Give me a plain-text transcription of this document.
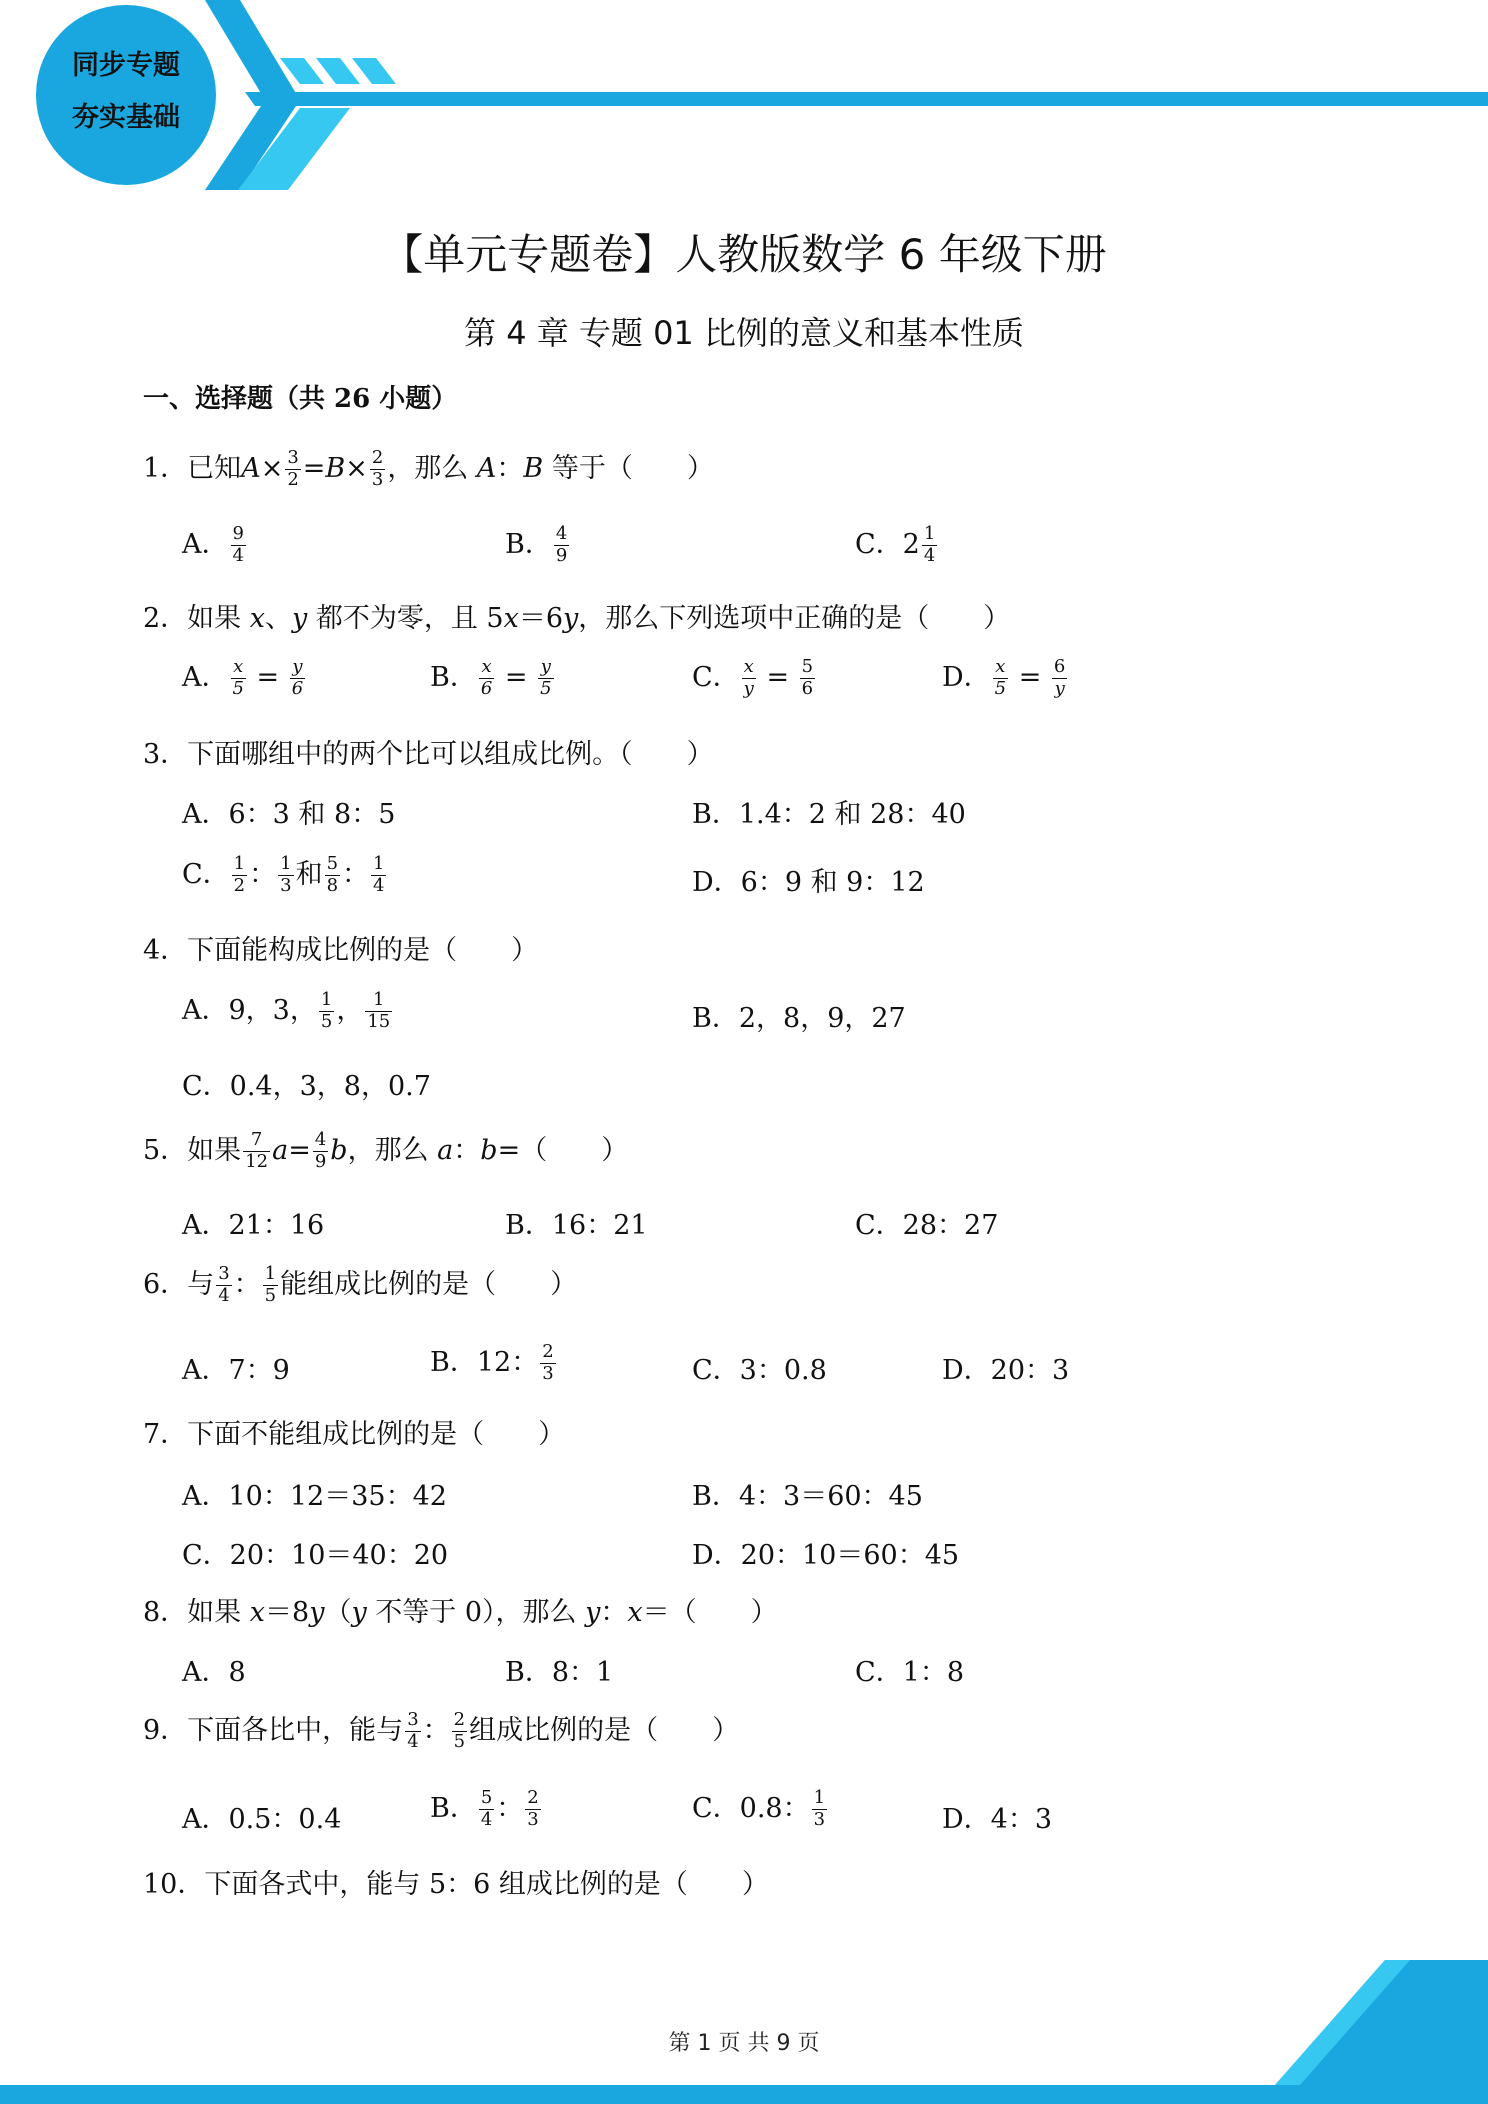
同步专题
夯实基础
【单元专题卷】人教版数学 6 年级下册
第 4 章 专题 01 比例的意义和基本性质
一、选择题（共 26 小题）
1．已知$A\times \frac{3}{2} =B\times \frac{2}{3}$ ，那么 A：B 等于（　　）
A． $\frac{9}{4}$	B． $\frac{4}{9}$	C．$2 \frac{1}{4}$
2．如果 x、y 都不为零，且 5x＝6y，那么下列选项中正确的是（　　）
A． $\frac{x}{5} = \frac{y}{6}$	B． $\frac{x}{6} = \frac{y}{5}$	C． $\frac{x}{y} = \frac{5}{6}$	D． $\frac{x}{5} = \frac{6}{y}$
3．下面哪组中的两个比可以组成比例。（　　）
A．6：3 和 8：5	B．1.4：2 和 28：40
C． $\frac{1}{2}$ ： $\frac{1}{3}$ 和 $\frac{5}{8}$ ： $\frac{1}{4}$	D．6：9 和 9：12
4．下面能构成比例的是（　　）
A．9，3， $\frac{1}{5}$ ， $\frac{1}{15}$	B．2，8，9，27
C．0.4，3，8，0.7
5．如果 $\frac{7}{12} a= \frac{4}{9}$ b，那么 a：b=（　　）
A．21：16	B．16：21	C．28：27
6．与 $\frac{3}{4}$ ： $\frac{1}{5}$ 能组成比例的是（　　）
A．7：9	B．12： $\frac{2}{3}$	C．3：0.8	D．20：3
7．下面不能组成比例的是（　　）
A．10：12＝35：42	B．4：3＝60：45
C．20：10＝40：20	D．20：10＝60：45
8．如果 x＝8y（y 不等于 0），那么 y：x＝（　　）
A．8	B．8：1	C．1：8
9．下面各比中，能与 $\frac{3}{4}$ ： $\frac{2}{5}$ 组成比例的是（　　）
A．0.5：0.4	B． $\frac{5}{4}$ ： $\frac{2}{3}$	C．0.8： $\frac{1}{3}$	D．4：3
10．下面各式中，能与 5：6 组成比例的是（　　）
第 1 页 共 9 页
